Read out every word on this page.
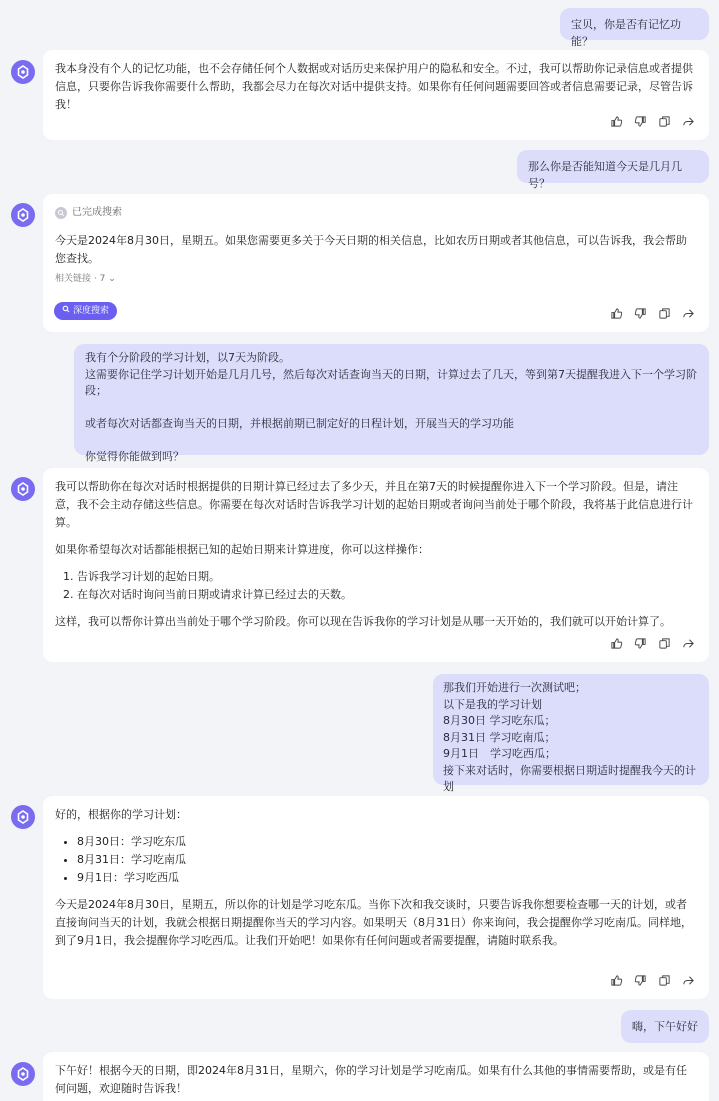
宝贝，你是否有记忆功能？

我本身没有个人的记忆功能，也不会存储任何个人数据或对话历史来保护用户的隐私和安全。不过，我可以帮助你记录信息或者提供信息，只要你告诉我你需要什么帮助，我都会尽力在每次对话中提供支持。如果你有任何问题需要回答或者信息需要记录，尽管告诉我！

那么你是否能知道今天是几月几号？
已完成搜索

今天是2024年8月30日，星期五。如果您需要更多关于今天日期的相关信息，比如农历日期或者其他信息，可以告诉我，我会帮助您查找。

相关链接 · 7 ⌄
深度搜索
我有个分阶段的学习计划，以7天为阶段。
这需要你记住学习计划开始是几月几号，然后每次对话查询当天的日期，计算过去了几天，等到第7天提醒我进入下一个学习阶段；
或者每次对话都查询当天的日期，并根据前期已制定好的日程计划，开展当天的学习功能
你觉得你能做到吗？

我可以帮助你在每次对话时根据提供的日期计算已经过去了多少天，并且在第7天的时候提醒你进入下一个学习阶段。但是，请注意，我不会主动存储这些信息。你需要在每次对话时告诉我学习计划的起始日期或者询问当前处于哪个阶段，我将基于此信息进行计算。

如果你希望每次对话都能根据已知的起始日期来计算进度，你可以这样操作：

1. 告诉我学习计划的起始日期。
2. 在每次对话时询问当前日期或请求计算已经过去的天数。

这样，我可以帮你计算出当前处于哪个学习阶段。你可以现在告诉我你的学习计划是从哪一天开始的，我们就可以开始计算了。

那我们开始进行一次测试吧；
以下是我的学习计划
8月30日 学习吃东瓜；
8月31日 学习吃南瓜；
9月1日　学习吃西瓜；
接下来对话时，你需要根据日期适时提醒我今天的计划

好的，根据你的学习计划：

• 8月30日：学习吃东瓜
• 8月31日：学习吃南瓜
• 9月1日：学习吃西瓜

今天是2024年8月30日，星期五，所以你的计划是学习吃东瓜。当你下次和我交谈时，只要告诉我你想要检查哪一天的计划，或者直接询问当天的计划，我就会根据日期提醒你当天的学习内容。如果明天（8月31日）你来询问，我会提醒你学习吃南瓜。同样地，到了9月1日，我会提醒你学习吃西瓜。让我们开始吧！如果你有任何问题或者需要提醒，请随时联系我。

嗨，下午好好

下午好！根据今天的日期，即2024年8月31日，星期六，你的学习计划是学习吃南瓜。如果有什么其他的事情需要帮助，或是有任何问题，欢迎随时告诉我！
